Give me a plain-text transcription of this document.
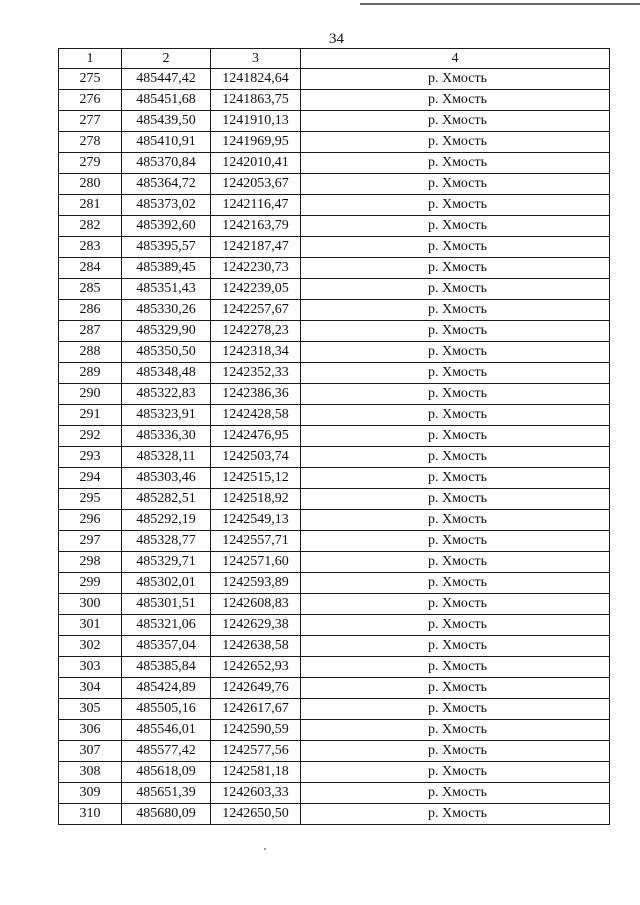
34
1	2	3	4
275	485447,42	1241824,64	р. Хмость
276	485451,68	1241863,75	р. Хмость
277	485439,50	1241910,13	р. Хмость
278	485410,91	1241969,95	р. Хмость
279	485370,84	1242010,41	р. Хмость
280	485364,72	1242053,67	р. Хмость
281	485373,02	1242116,47	р. Хмость
282	485392,60	1242163,79	р. Хмость
283	485395,57	1242187,47	р. Хмость
284	485389,45	1242230,73	р. Хмость
285	485351,43	1242239,05	р. Хмость
286	485330,26	1242257,67	р. Хмость
287	485329,90	1242278,23	р. Хмость
288	485350,50	1242318,34	р. Хмость
289	485348,48	1242352,33	р. Хмость
290	485322,83	1242386,36	р. Хмость
291	485323,91	1242428,58	р. Хмость
292	485336,30	1242476,95	р. Хмость
293	485328,11	1242503,74	р. Хмость
294	485303,46	1242515,12	р. Хмость
295	485282,51	1242518,92	р. Хмость
296	485292,19	1242549,13	р. Хмость
297	485328,77	1242557,71	р. Хмость
298	485329,71	1242571,60	р. Хмость
299	485302,01	1242593,89	р. Хмость
300	485301,51	1242608,83	р. Хмость
301	485321,06	1242629,38	р. Хмость
302	485357,04	1242638,58	р. Хмость
303	485385,84	1242652,93	р. Хмость
304	485424,89	1242649,76	р. Хмость
305	485505,16	1242617,67	р. Хмость
306	485546,01	1242590,59	р. Хмость
307	485577,42	1242577,56	р. Хмость
308	485618,09	1242581,18	р. Хмость
309	485651,39	1242603,33	р. Хмость
310	485680,09	1242650,50	р. Хмость
